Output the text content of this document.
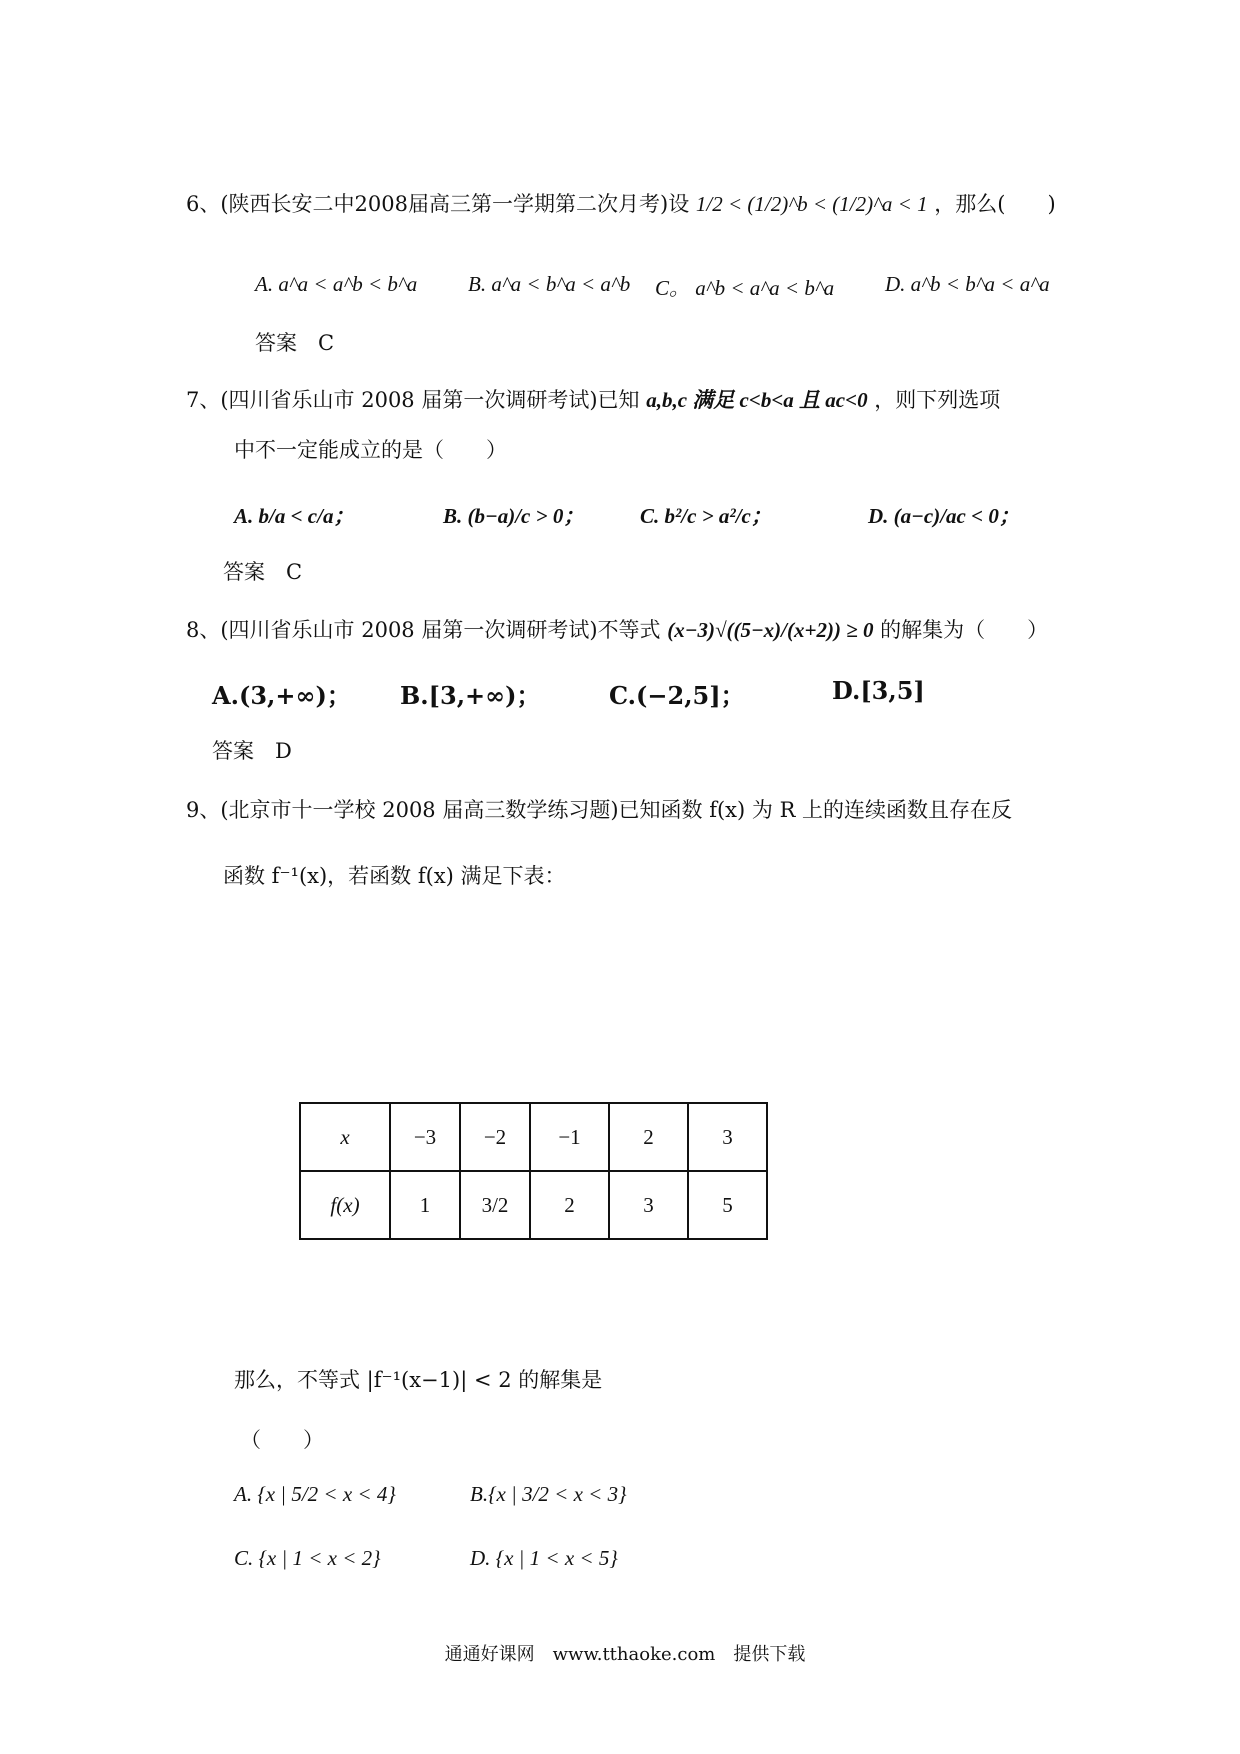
6、(陕西长安二中2008届高三第一学期第二次月考)设 1/2 < (1/2)^b < (1/2)^a < 1 ，那么(　　)
A. a^a < a^b < b^a B. a^a < b^a < a^b C。 a^b < a^a < b^a D. a^b < b^a < a^a
答案　C
7、(四川省乐山市 2008 届第一次调研考试)已知 a,b,c 满足 c<b<a 且 ac<0 ，则下列选项
中不一定能成立的是（　　）
A. b/a < c/a；	B. (b−a)/c > 0；	C. b²/c > a²/c；	D. (a−c)/ac < 0；
答案　C
8、(四川省乐山市 2008 届第一次调研考试)不等式 (x−3)√((5−x)/(x+2)) ≥ 0 的解集为（　　）
A.(3,+∞)； B.[3,+∞)；	C.(−2,5]；	D.[3,5]
答案　D
9、(北京市十一学校 2008 届高三数学练习题)已知函数 f(x) 为 R 上的连续函数且存在反
函数 f⁻¹(x)，若函数 f(x) 满足下表：
x	−3	−2	−1	2	3
f(x)	1	3/2	2	3	5
那么，不等式 |f⁻¹(x−1)| < 2 的解集是
（　　）
A. {x | 5/2 < x < 4}	B.{x | 3/2 < x < 3}
C. {x | 1 < x < 2}	D. {x | 1 < x < 5}
通通好课网　www.tthaoke.com　提供下载
